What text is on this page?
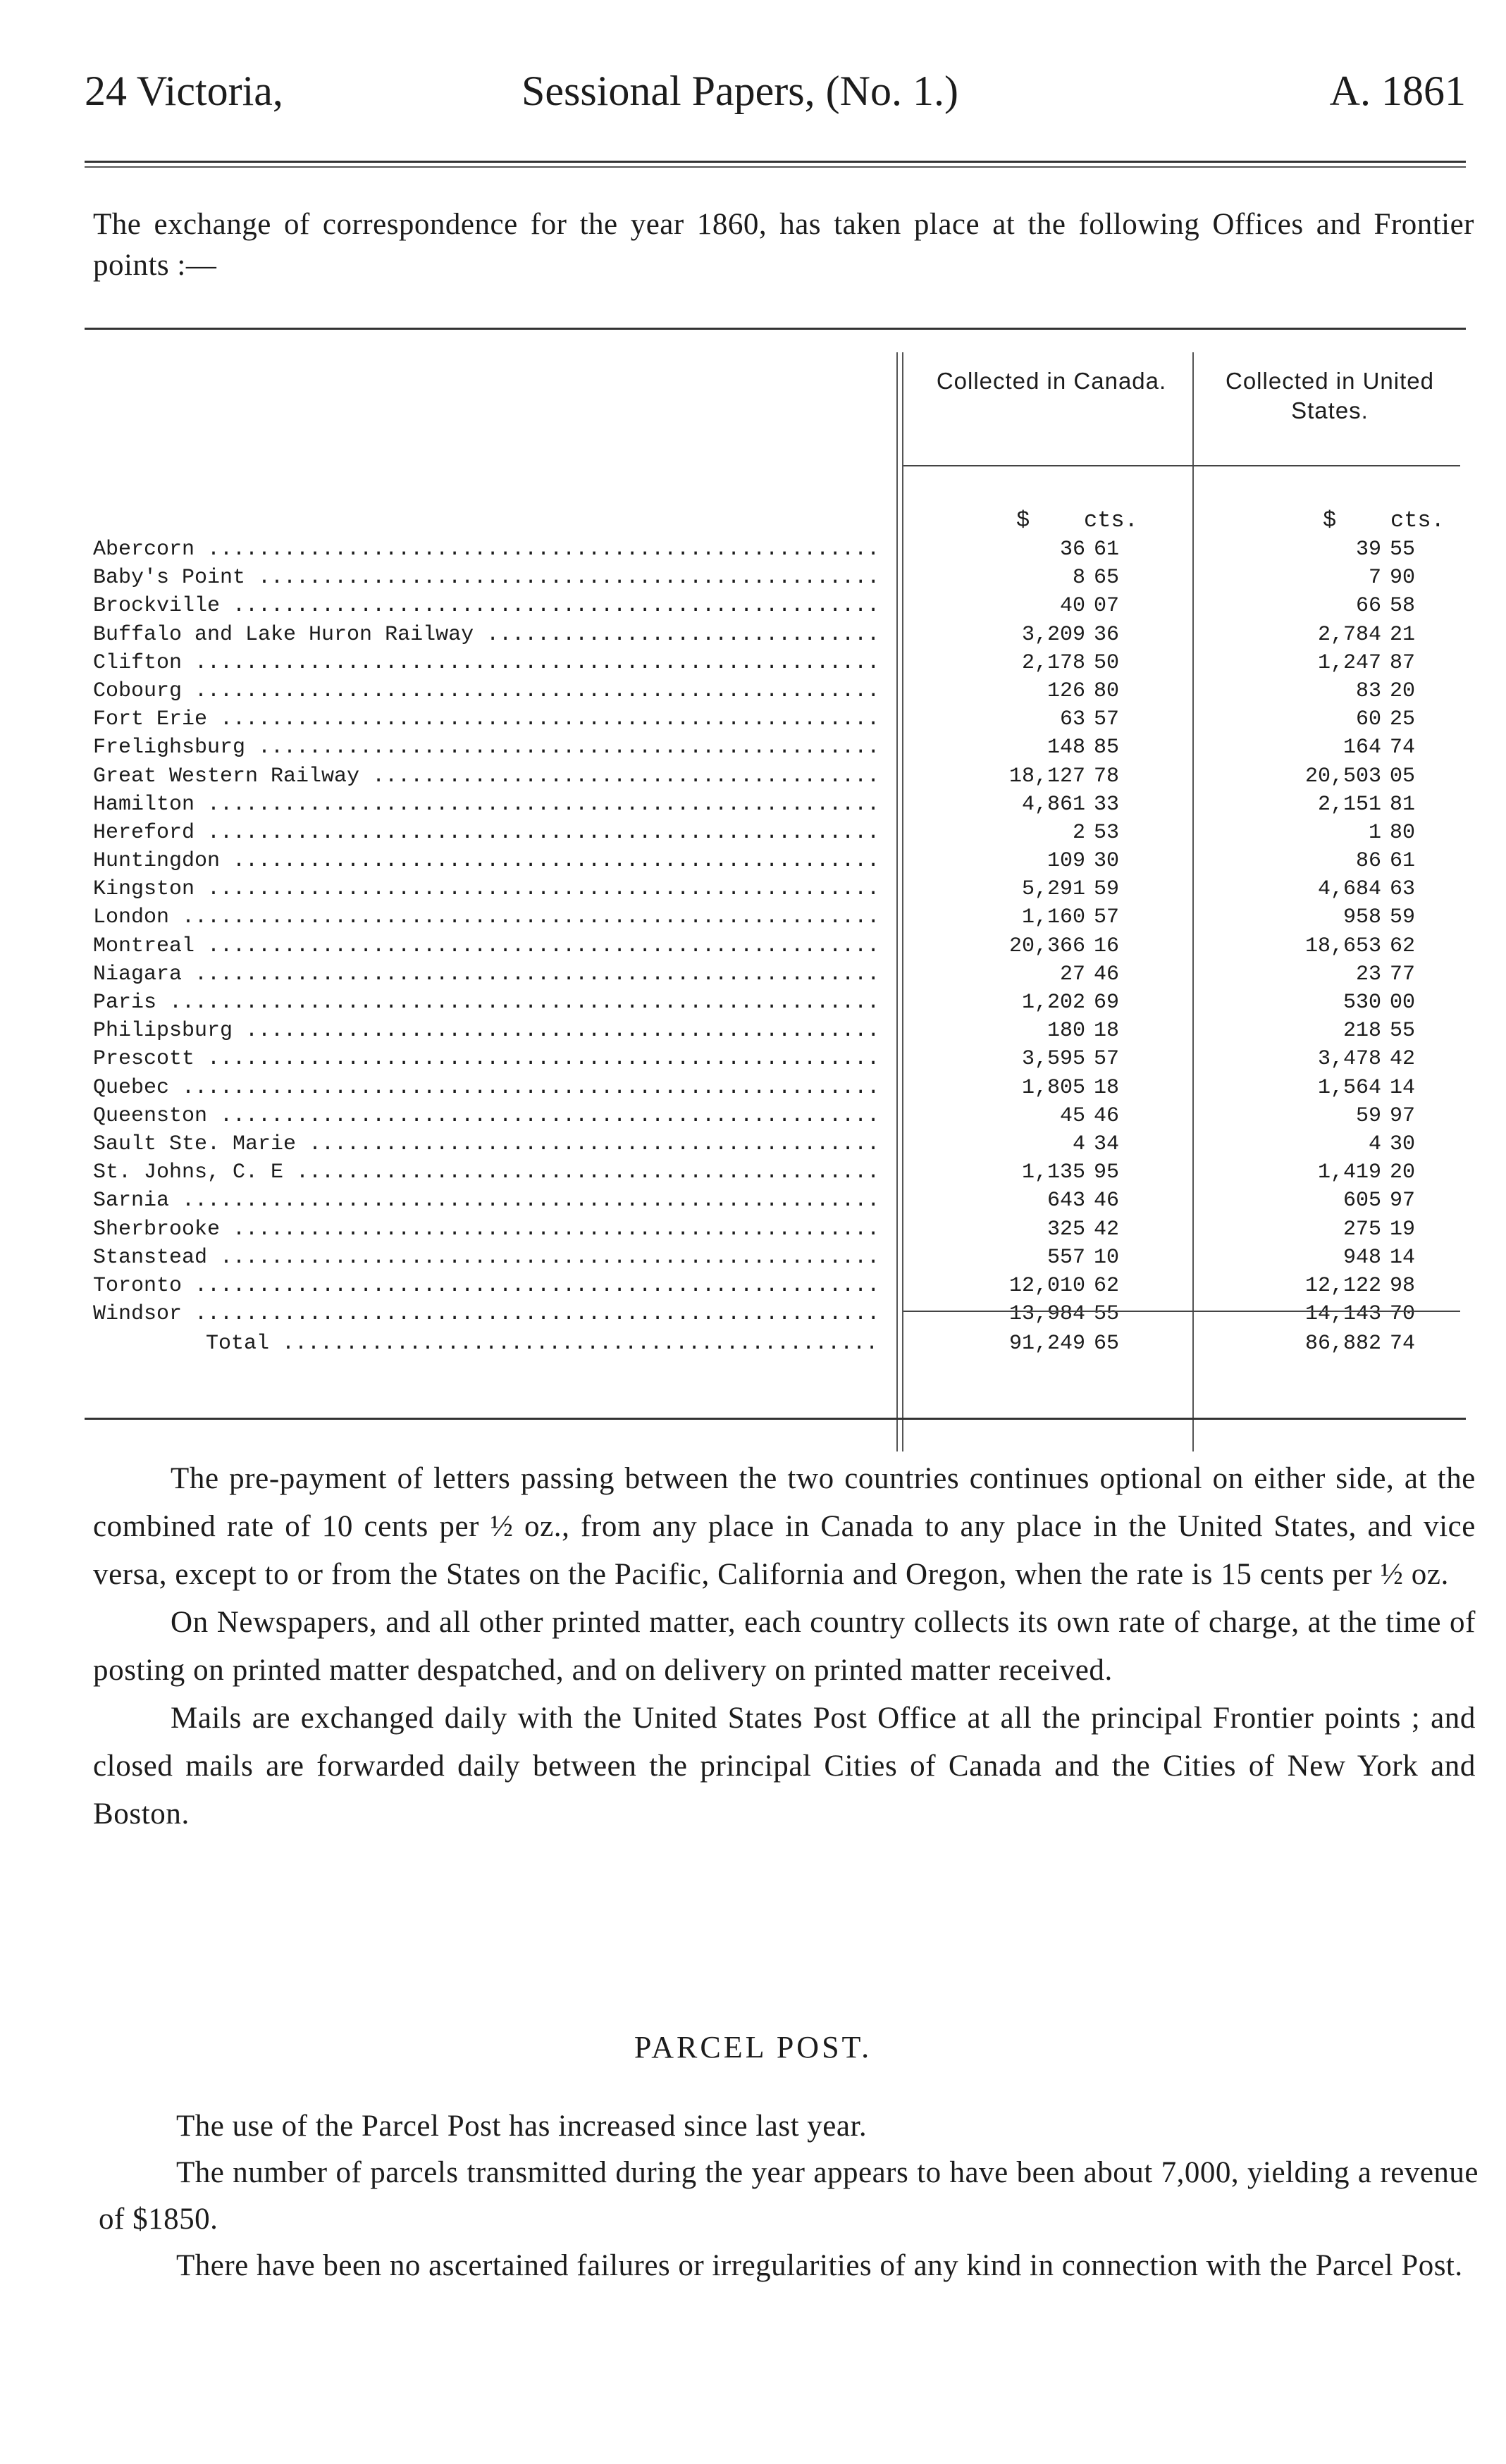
24 Victoria,	Sessional Papers, (No. 1.)	A. 1861
The exchange of correspondence for the year 1860, has taken place at the following Offices and Frontier points :—
Collected in Canada.	Collected in United States.
$    cts.	$    cts.
Abercorn .....	36 61	39 55
Baby's Point .....	8 65	7 90
Brockville .....	40 07	66 58
Buffalo and Lake Huron Railway .....	3,209 36	2,784 21
Clifton .....	2,178 50	1,247 87
Cobourg .....	126 80	83 20
Fort Erie .....	63 57	60 25
Frelighsburg .....	148 85	164 74
Great Western Railway .....	18,127 78	20,503 05
Hamilton .....	4,861 33	2,151 81
Hereford .....	2 53	1 80
Huntingdon .....	109 30	86 61
Kingston .....	5,291 59	4,684 63
London .....	1,160 57	958 59
Montreal .....	20,366 16	18,653 62
Niagara .....	27 46	23 77
Paris .....	1,202 69	530 00
Philipsburg .....	180 18	218 55
Prescott .....	3,595 57	3,478 42
Quebec .....	1,805 18	1,564 14
Queenston .....	45 46	59 97
Sault Ste. Marie .....	4 34	4 30
St. Johns, C. E .....	1,135 95	1,419 20
Sarnia .....	643 46	605 97
Sherbrooke .....	325 42	275 19
Stanstead .....	557 10	948 14
Toronto .....	12,010 62	12,122 98
Windsor .....	13,984 55	14,143 70
Total .....	91,249 65	86,882 74

The pre-payment of letters passing between the two countries continues optional on either side, at the combined rate of 10 cents per ½ oz., from any place in Canada to any place in the United States, and vice versa, except to or from the States on the Pacific, California and Oregon, when the rate is 15 cents per ½ oz.

On Newspapers, and all other printed matter, each country collects its own rate of charge, at the time of posting on printed matter despatched, and on delivery on printed matter received.

Mails are exchanged daily with the United States Post Office at all the principal Frontier points ; and closed mails are forwarded daily between the principal Cities of Canada and the Cities of New York and Boston.

PARCEL POST.

The use of the Parcel Post has increased since last year.

The number of parcels transmitted during the year appears to have been about 7,000, yielding a revenue of $1850.

There have been no ascertained failures or irregularities of any kind in connection with the Parcel Post.
